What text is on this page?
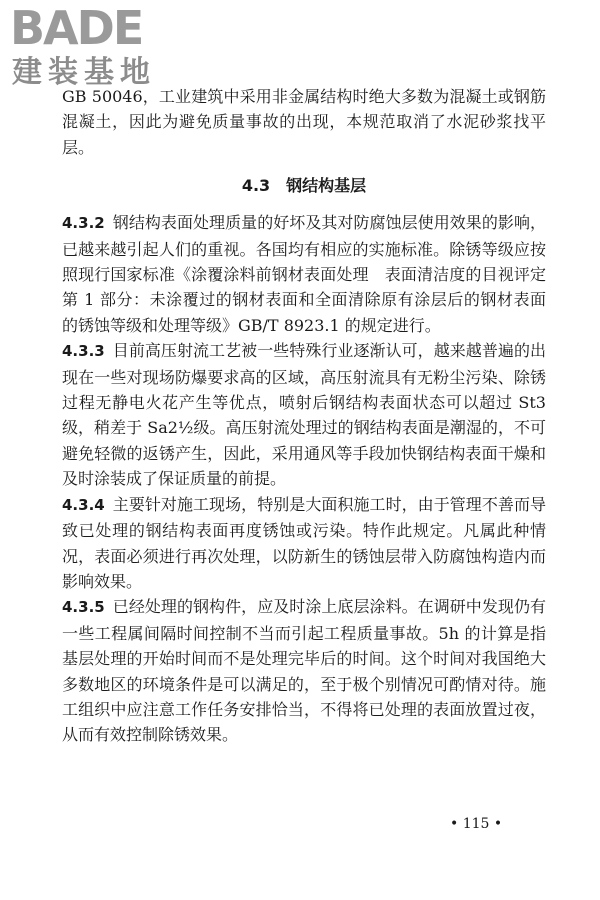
BADE
建装基地

GB 50046，工业建筑中采用非金属结构时绝大多数为混凝土或钢筋混凝土，因此为避免质量事故的出现，本规范取消了水泥砂浆找平层。

4.3 钢结构基层

4.3.2 钢结构表面处理质量的好坏及其对防腐蚀层使用效果的影响，已越来越引起人们的重视。各国均有相应的实施标准。除锈等级应按照现行国家标准《涂覆涂料前钢材表面处理　表面清洁度的目视评定　第 1 部分：未涂覆过的钢材表面和全面清除原有涂层后的钢材表面的锈蚀等级和处理等级》GB/T 8923.1 的规定进行。

4.3.3 目前高压射流工艺被一些特殊行业逐渐认可，越来越普遍的出现在一些对现场防爆要求高的区域，高压射流具有无粉尘污染、除锈过程无静电火花产生等优点，喷射后钢结构表面状态可以超过 St3 级，稍差于 Sa2½级。高压射流处理过的钢结构表面是潮湿的，不可避免轻微的返锈产生，因此，采用通风等手段加快钢结构表面干燥和及时涂装成了保证质量的前提。

4.3.4 主要针对施工现场，特别是大面积施工时，由于管理不善而导致已处理的钢结构表面再度锈蚀或污染。特作此规定。凡属此种情况，表面必须进行再次处理，以防新生的锈蚀层带入防腐蚀构造内而影响效果。

4.3.5 已经处理的钢构件，应及时涂上底层涂料。在调研中发现仍有一些工程属间隔时间控制不当而引起工程质量事故。5h 的计算是指基层处理的开始时间而不是处理完毕后的时间。这个时间对我国绝大多数地区的环境条件是可以满足的，至于极个别情况可酌情对待。施工组织中应注意工作任务安排恰当，不得将已处理的表面放置过夜，从而有效控制除锈效果。

• 115 •
